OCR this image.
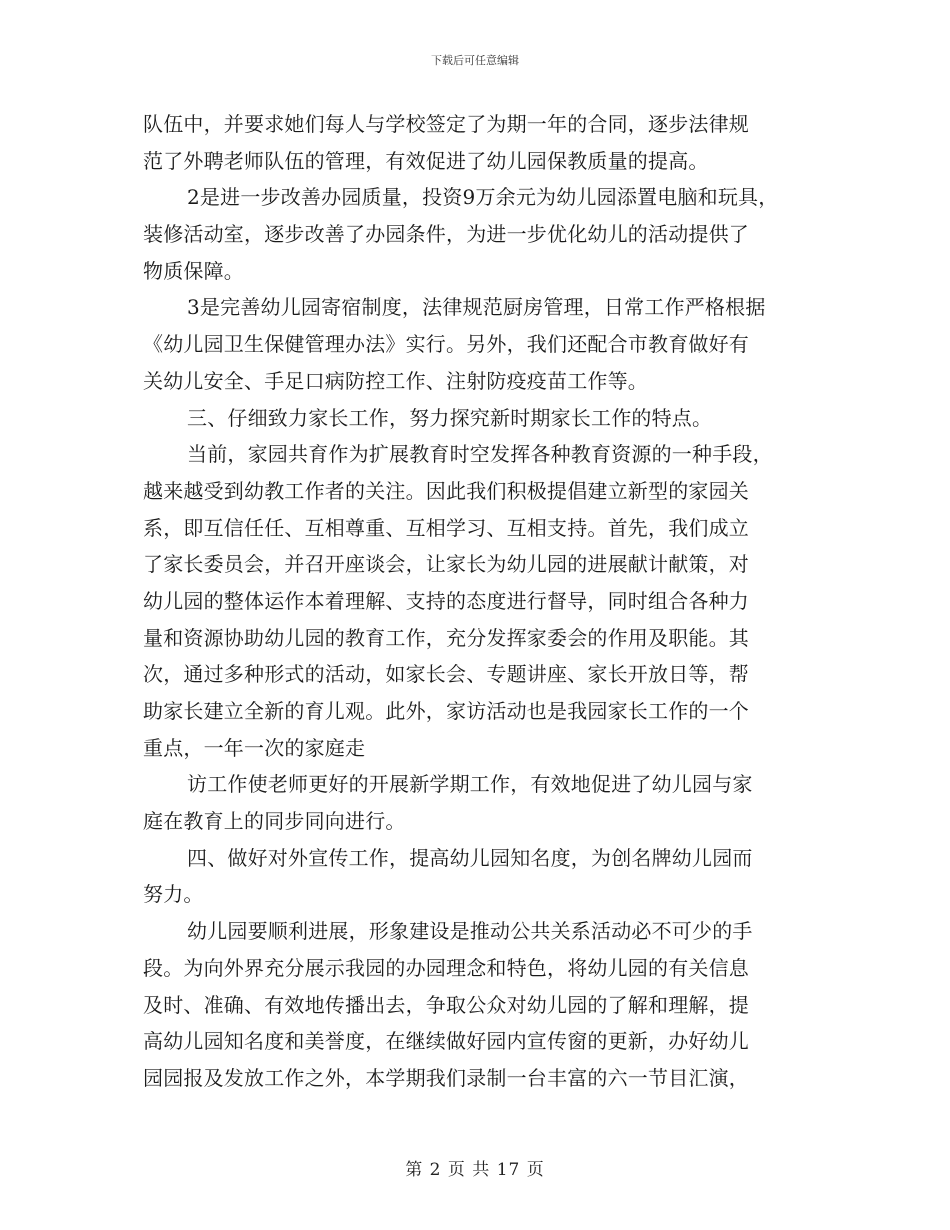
下载后可任意编辑
队伍中，并要求她们每人与学校签定了为期一年的合同，逐步法律规
范了外聘老师队伍的管理，有效促进了幼儿园保教质量的提高。
2是进一步改善办园质量，投资9万余元为幼儿园添置电脑和玩具，
装修活动室，逐步改善了办园条件，为进一步优化幼儿的活动提供了
物质保障。
3是完善幼儿园寄宿制度，法律规范厨房管理，日常工作严格根据
《幼儿园卫生保健管理办法》实行。另外，我们还配合市教育做好有
关幼儿安全、手足口病防控工作、注射防疫疫苗工作等。
三、仔细致力家长工作，努力探究新时期家长工作的特点。
当前，家园共育作为扩展教育时空发挥各种教育资源的一种手段，
越来越受到幼教工作者的关注。因此我们积极提倡建立新型的家园关
系，即互信任任、互相尊重、互相学习、互相支持。首先，我们成立
了家长委员会，并召开座谈会，让家长为幼儿园的进展献计献策，对
幼儿园的整体运作本着理解、支持的态度进行督导，同时组合各种力
量和资源协助幼儿园的教育工作，充分发挥家委会的作用及职能。其
次，通过多种形式的活动，如家长会、专题讲座、家长开放日等，帮
助家长建立全新的育儿观。此外，家访活动也是我园家长工作的一个
重点，一年一次的家庭走
访工作使老师更好的开展新学期工作，有效地促进了幼儿园与家
庭在教育上的同步同向进行。
四、做好对外宣传工作，提高幼儿园知名度，为创名牌幼儿园而
努力。
幼儿园要顺利进展，形象建设是推动公共关系活动必不可少的手
段。为向外界充分展示我园的办园理念和特色，将幼儿园的有关信息
及时、准确、有效地传播出去，争取公众对幼儿园的了解和理解，提
高幼儿园知名度和美誉度，在继续做好园内宣传窗的更新，办好幼儿
园园报及发放工作之外，本学期我们录制一台丰富的六一节目汇演，
第 2 页 共 17 页
